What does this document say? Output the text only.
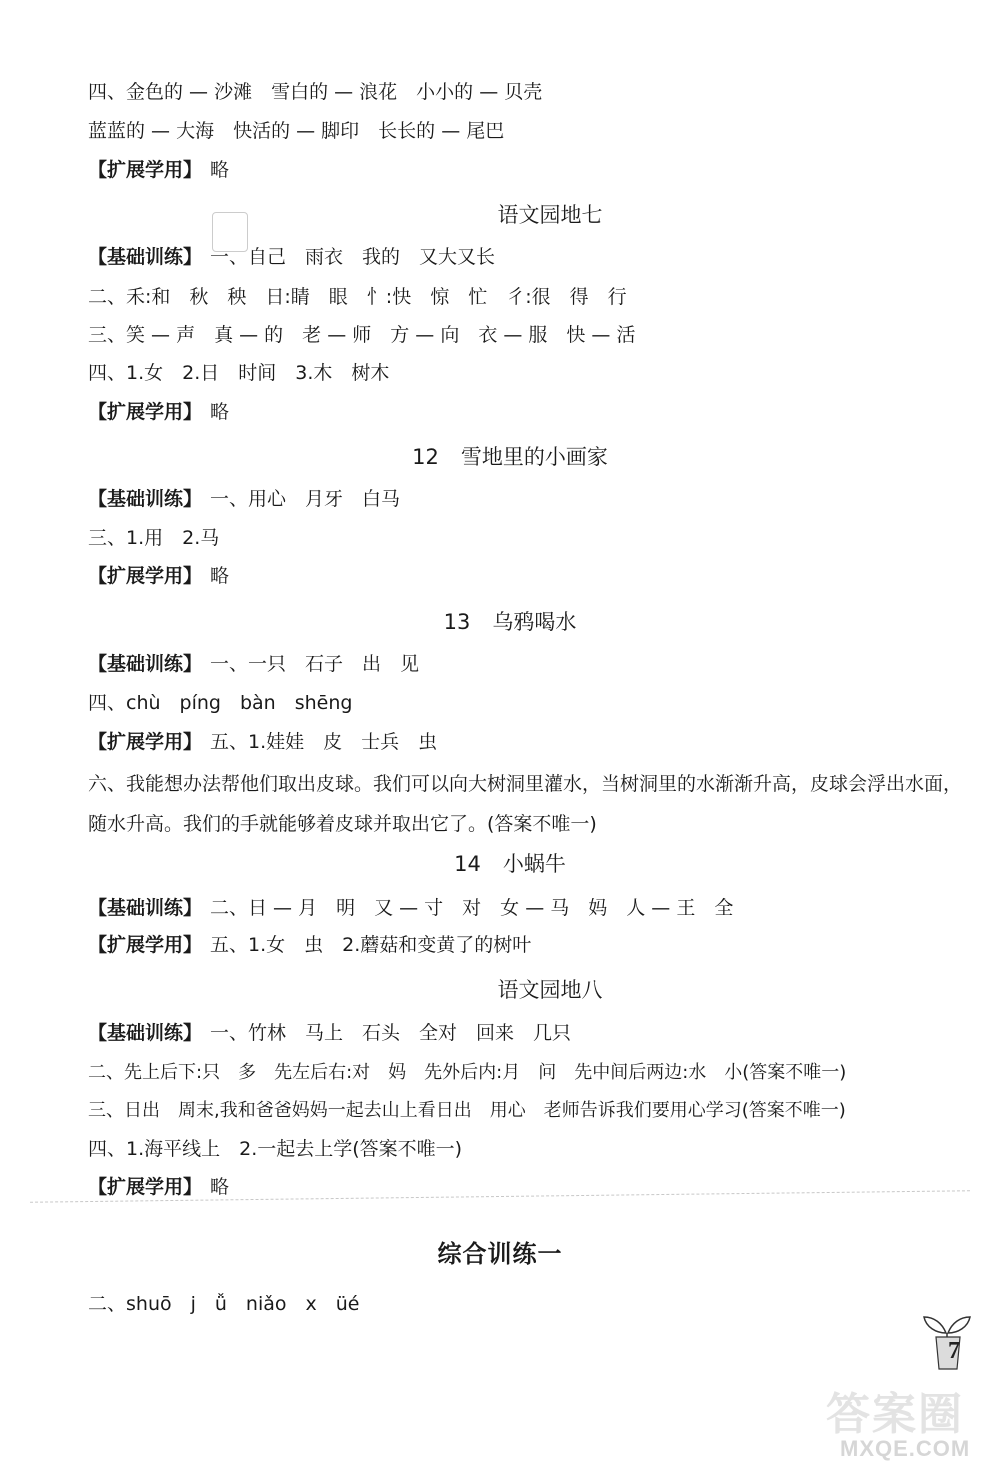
四、金色的 — 沙滩　雪白的 — 浪花　小小的 — 贝壳
蓝蓝的 — 大海　快活的 — 脚印　长长的 — 尾巴
【扩展学用】 略
语文园地七
【基础训练】 一、自己　雨衣　我的　又大又长
二、禾:和　秋　秧　日:睛　眼　忄:快　惊　忙　彳:很　得　行
三、笑 — 声　真 — 的　老 — 师　方 — 向　衣 — 服　快 — 活
四、1.女　2.日　时间　3.木　树木
【扩展学用】 略
12 雪地里的小画家
【基础训练】 一、用心　月牙　白马
三、1.用　2.马
【扩展学用】 略
13 乌鸦喝水
【基础训练】 一、一只　石子　出　见
四、chù　píng　bàn　shēng
【扩展学用】 五、1.娃娃　皮　士兵　虫
六、我能想办法帮他们取出皮球。我们可以向大树洞里灌水，当树洞里的水渐渐升高，皮球会浮出水面，随水升高。我们的手就能够着皮球并取出它了。(答案不唯一)
14 小蜗牛
【基础训练】 二、日 — 月　明　又 — 寸　对　女 — 马　妈　人 — 王　全
【扩展学用】 五、1.女　虫　2.蘑菇和变黄了的树叶
语文园地八
【基础训练】 一、竹林　马上　石头　全对　回来　几只
二、先上后下:只　多　先左后右:对　妈　先外后内:月　问　先中间后两边:水　小(答案不唯一)
三、日出　周末,我和爸爸妈妈一起去山上看日出　用心　老师告诉我们要用心学习(答案不唯一)
四、1.海平线上　2.一起去上学(答案不唯一)
【扩展学用】 略
综合训练一
二、shuō　j　ǚ　niǎo　x　üé
7
答案圈
MXQE.COM
